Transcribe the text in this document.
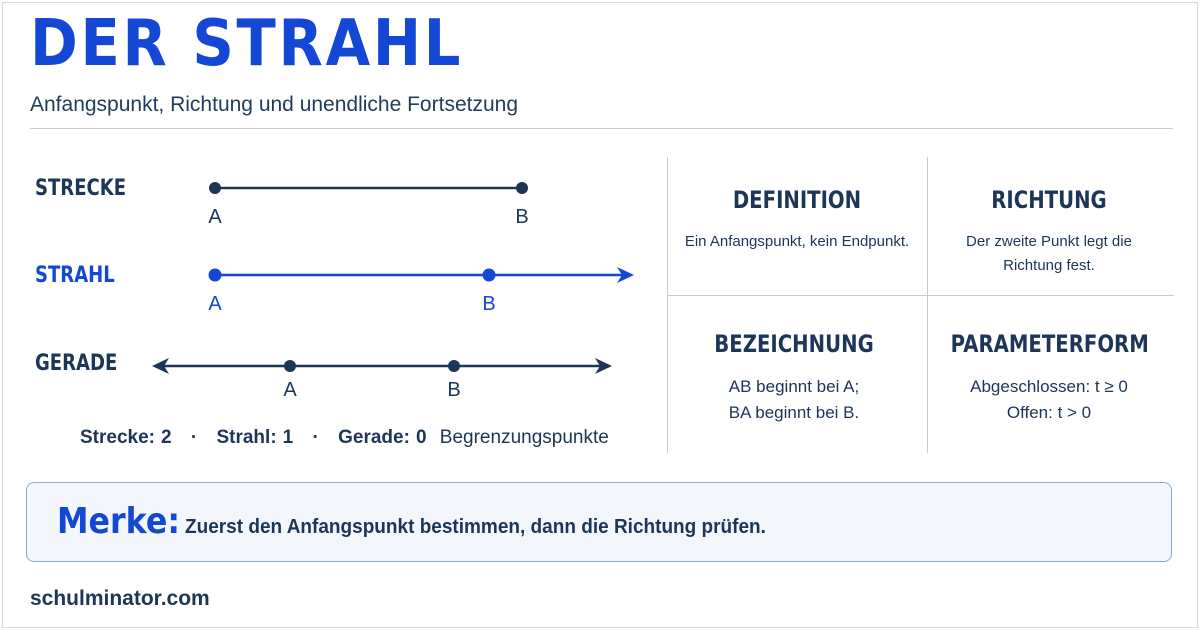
DER STRAHL
Anfangspunkt, Richtung und unendliche Fortsetzung
STRECKE
STRAHL
GERADE
A	B
A	B
A	B
Strecke: 2 · Strahl: 1 · Gerade: 0 Begrenzungspunkte
DEFINITION

Ein Anfangspunkt, kein Endpunkt.

RICHTUNG

Der zweite Punkt legt die
Richtung fest.

BEZEICHNUNG

AB beginnt bei A;
BA beginnt bei B.

PARAMETERFORM

Abgeschlossen: t ≥ 0
Offen: t > 0

Merke: Zuerst den Anfangspunkt bestimmen, dann die Richtung prüfen.
schulminator.com
